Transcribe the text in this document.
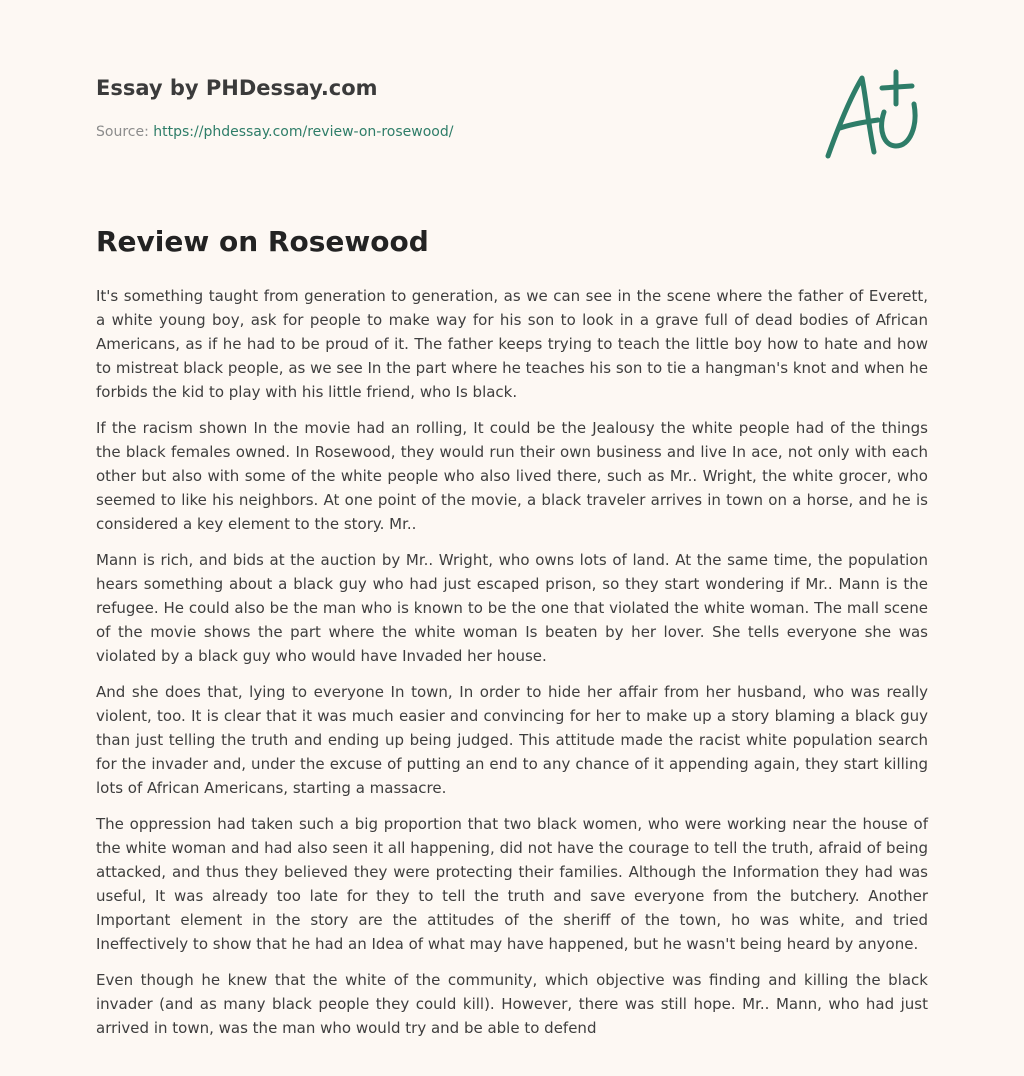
Essay by PHDessay.com
Source: https://phdessay.com/review-on-rosewood/
Review on Rosewood

It's something taught from generation to generation, as we can see in the scene where the father of Everett, a white young boy, ask for people to make way for his son to look in a grave full of dead bodies of African Americans, as if he had to be proud of it. The father keeps trying to teach the little boy how to hate and how to mistreat black people, as we see In the part where he teaches his son to tie a hangman's knot and when he forbids the kid to play with his little friend, who Is black.

If the racism shown In the movie had an rolling, It could be the Jealousy the white people had of the things the black females owned. In Rosewood, they would run their own business and live In ace, not only with each other but also with some of the white people who also lived there, such as Mr.. Wright, the white grocer, who seemed to like his neighbors. At one point of the movie, a black traveler arrives in town on a horse, and he is considered a key element to the story. Mr..

Mann is rich, and bids at the auction by Mr.. Wright, who owns lots of land. At the same time, the population hears something about a black guy who had just escaped prison, so they start wondering if Mr.. Mann is the refugee. He could also be the man who is known to be the one that violated the white woman. The mall scene of the movie shows the part where the white woman Is beaten by her lover. She tells everyone she was violated by a black guy who would have Invaded her house.

And she does that, lying to everyone In town, In order to hide her affair from her husband, who was really violent, too. It is clear that it was much easier and convincing for her to make up a story blaming a black guy than just telling the truth and ending up being judged. This attitude made the racist white population search for the invader and, under the excuse of putting an end to any chance of it appending again, they start killing lots of African Americans, starting a massacre.

The oppression had taken such a big proportion that two black women, who were working near the house of the white woman and had also seen it all happening, did not have the courage to tell the truth, afraid of being attacked, and thus they believed they were protecting their families. Although the Information they had was useful, It was already too late for they to tell the truth and save everyone from the butchery. Another Important element in the story are the attitudes of the sheriff of the town, ho was white, and tried Ineffectively to show that he had an Idea of what may have happened, but he wasn't being heard by anyone.

Even though he knew that the white of the community, which objective was finding and killing the black invader (and as many black people they could kill). However, there was still hope. Mr.. Mann, who had just arrived in town, was the man who would try and be able to defend
